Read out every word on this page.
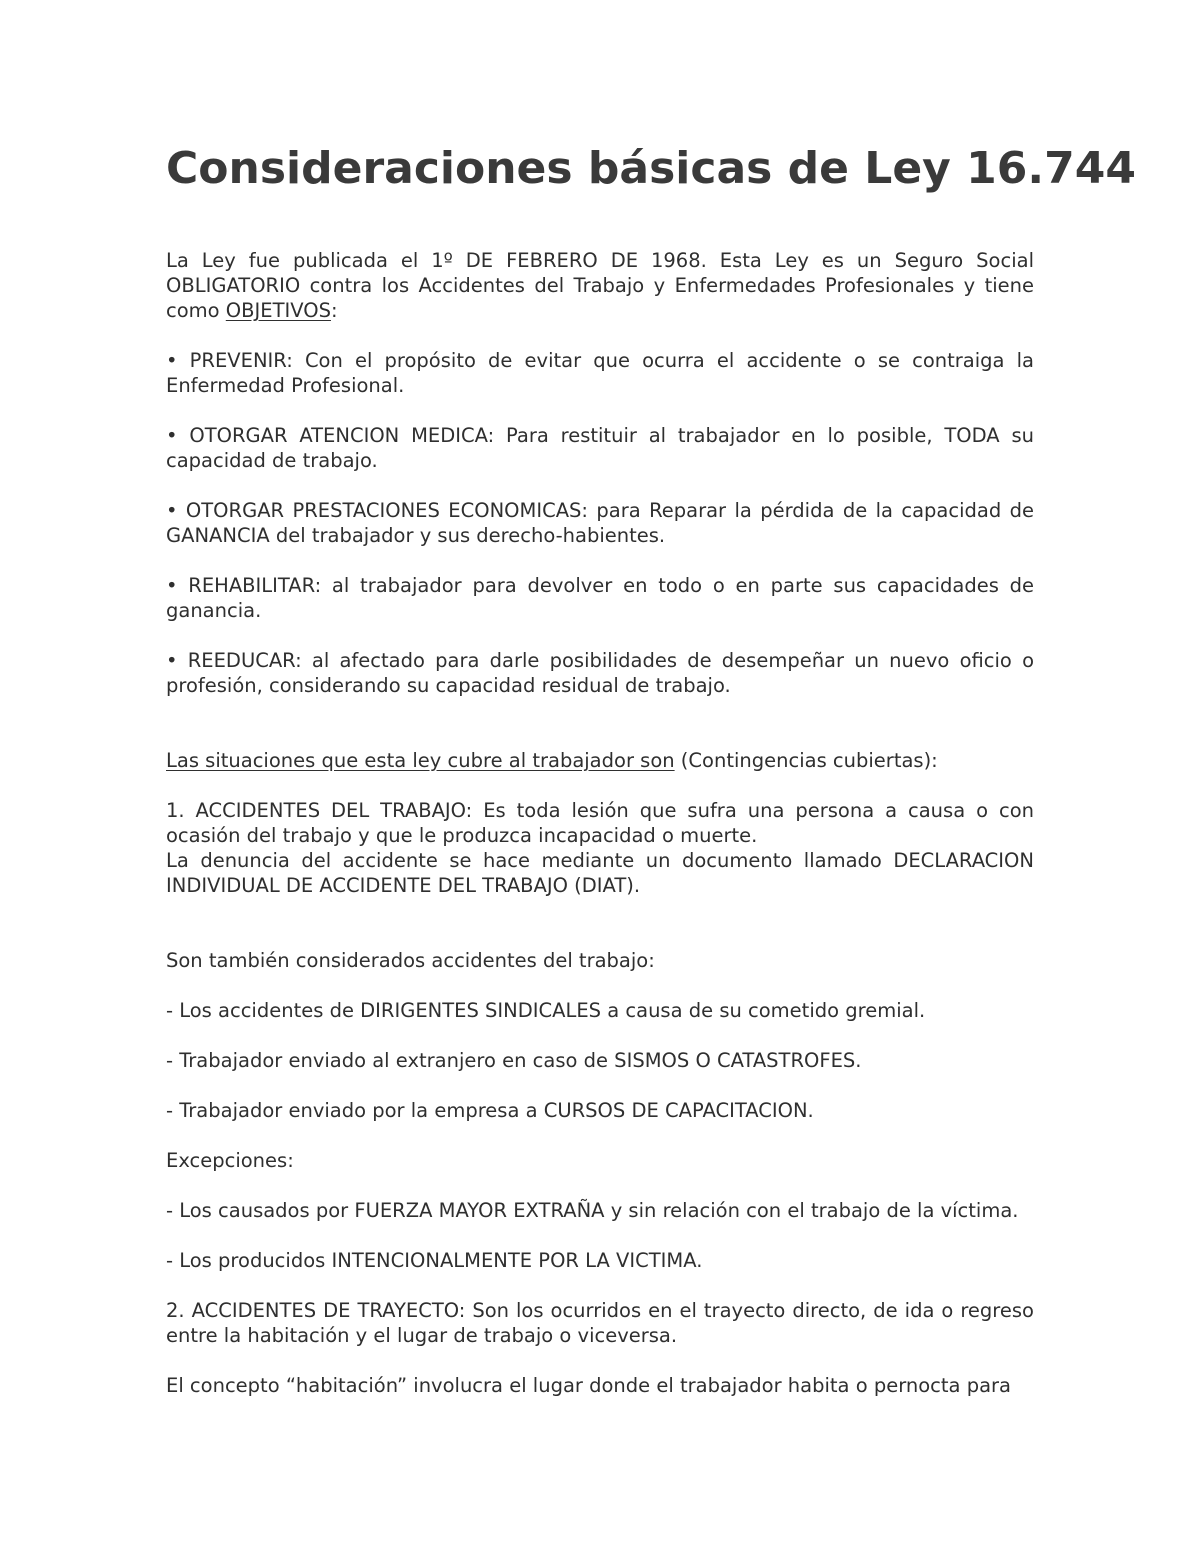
Consideraciones básicas de Ley 16.744

La Ley fue publicada el 1º DE FEBRERO DE 1968. Esta Ley es un Seguro Social OBLIGATORIO contra los Accidentes del Trabajo y Enfermedades Profesionales y tiene como OBJETIVOS:

• PREVENIR: Con el propósito de evitar que ocurra el accidente o se contraiga la Enfermedad Profesional.

• OTORGAR ATENCION MEDICA: Para restituir al trabajador en lo posible, TODA su capacidad de trabajo.

• OTORGAR PRESTACIONES ECONOMICAS: para Reparar la pérdida de la capacidad de GANANCIA del trabajador y sus derecho-habientes.

• REHABILITAR: al trabajador para devolver en todo o en parte sus capacidades de ganancia.

• REEDUCAR: al afectado para darle posibilidades de desempeñar un nuevo oficio o profesión, considerando su capacidad residual de trabajo.

Las situaciones que esta ley cubre al trabajador son (Contingencias cubiertas):

1. ACCIDENTES DEL TRABAJO: Es toda lesión que sufra una persona a causa o con ocasión del trabajo y que le produzca incapacidad o muerte.

La denuncia del accidente se hace mediante un documento llamado DECLARACION INDIVIDUAL DE ACCIDENTE DEL TRABAJO (DIAT).

Son también considerados accidentes del trabajo:

- Los accidentes de DIRIGENTES SINDICALES a causa de su cometido gremial.

- Trabajador enviado al extranjero en caso de SISMOS O CATASTROFES.

- Trabajador enviado por la empresa a CURSOS DE CAPACITACION.

Excepciones:

- Los causados por FUERZA MAYOR EXTRAÑA y sin relación con el trabajo de la víctima.

- Los producidos INTENCIONALMENTE POR LA VICTIMA.

2. ACCIDENTES DE TRAYECTO: Son los ocurridos en el trayecto directo, de ida o regreso entre la habitación y el lugar de trabajo o viceversa.

El concepto “habitación” involucra el lugar donde el trabajador habita o pernocta para
